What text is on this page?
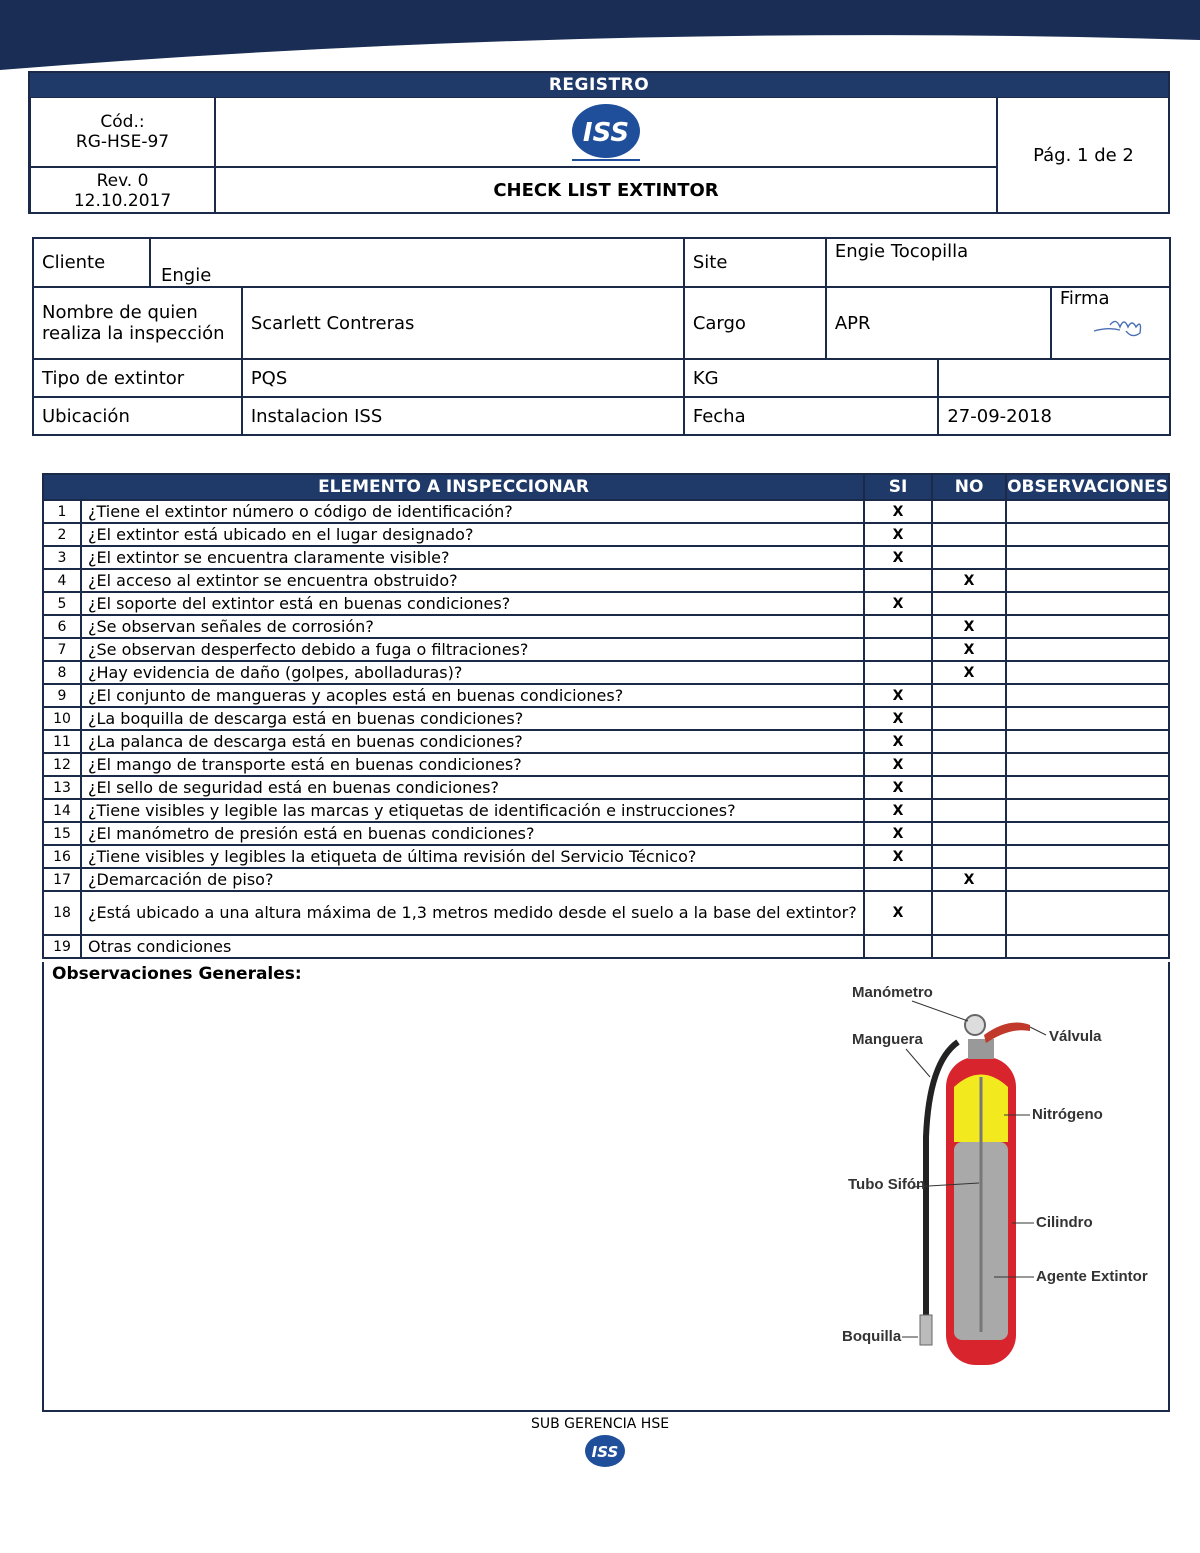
REGISTRO
Cód.:
RG-HSE-97
Rev. 0
12.10.2017
ISS
CHECK LIST EXTINTOR
Pág. 1 de 2
Cliente	Engie		Site	Engie Tocopilla		
Nombre de quien realiza la inspección		Scarlett Contreras	Cargo	APR		Firma

Tipo de extintor		PQS	KG			
Ubicación		Instalacion ISS	Fecha		27-09-2018	
ELEMENTO A INSPECCIONAR		SI	NO	OBSERVACIONES
1	¿Tiene el extintor número o código de identificación?	X		
2	¿El extintor está ubicado en el lugar designado?	X		
3	¿El extintor se encuentra claramente visible?	X		
4	¿El acceso al extintor se encuentra obstruido?		X	
5	¿El soporte del extintor está en buenas condiciones?	X		
6	¿Se observan señales de corrosión?		X	
7	¿Se observan desperfecto debido a fuga o filtraciones?		X	
8	¿Hay evidencia de daño (golpes, abolladuras)?		X	
9	¿El conjunto de mangueras y acoples está en buenas condiciones?	X		
10	¿La boquilla de descarga está en buenas condiciones?	X		
11	¿La palanca de descarga está en buenas condiciones?	X		
12	¿El mango de transporte está en buenas condiciones?	X		
13	¿El sello de seguridad está en buenas condiciones?	X		
14	¿Tiene visibles y legible las marcas y etiquetas de identificación e instrucciones?	X		
15	¿El manómetro de presión está en buenas condiciones?	X		
16	¿Tiene visibles y legibles la etiqueta de última revisión del Servicio Técnico?	X		
17	¿Demarcación de piso?		X	
18	¿Está ubicado a una altura máxima de 1,3 metros medido desde el suelo a la base del extintor?	X		
19	Otras condiciones			
Observaciones Generales:
Manómetro
Manguera	Válvula
Nitrógeno
Tubo Sifón
Cilindro
Agente Extintor
Boquilla
SUB GERENCIA HSE
ISS
